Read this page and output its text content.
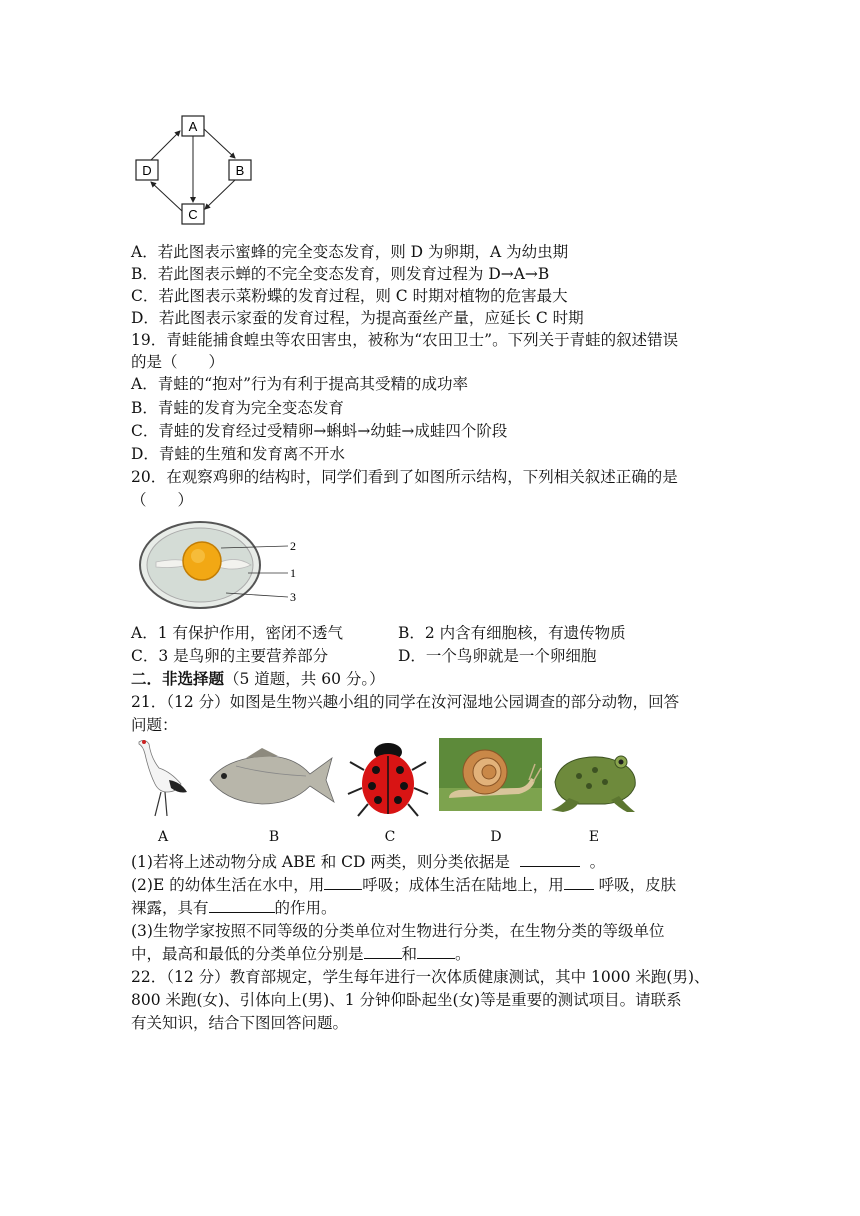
A
B
C
D
A．若此图表示蜜蜂的完全变态发育，则 D 为卵期，A 为幼虫期
B．若此图表示蝉的不完全变态发育，则发育过程为 D→A→B
C．若此图表示菜粉蝶的发育过程，则 C 时期对植物的危害最大
D．若此图表示家蚕的发育过程，为提高蚕丝产量，应延长 C 时期
19．青蛙能捕食蝗虫等农田害虫，被称为“农田卫士”。下列关于青蛙的叙述错误
的是（　　）
A．青蛙的“抱对”行为有利于提高其受精的成功率
B．青蛙的发育为完全变态发育
C．青蛙的发育经过受精卵→蝌蚪→幼蛙→成蛙四个阶段
D．青蛙的生殖和发育离不开水
20．在观察鸡卵的结构时，同学们看到了如图所示结构，下列相关叙述正确的是
（　　）
2
1
3
A．1 有保护作用，密闭不透气	B．2 内含有细胞核，有遗传物质
C．3 是鸟卵的主要营养部分	D．一个鸟卵就是一个卵细胞
二．非选择题（5 道题，共 60 分。）
21．（12 分）如图是生物兴趣小组的同学在汝河湿地公园调查的部分动物，回答
问题：
A	B	C	D	E
(1)若将上述动物分成 ABE 和 CD 两类，则分类依据是	。
(2)E 的幼体生活在水中，用 呼吸；成体生活在陆地上，用 呼吸，皮肤
裸露，具有	的作用。
(3)生物学家按照不同等级的分类单位对生物进行分类，在生物分类的等级单位
中，最高和最低的分类单位分别是 和 。
22．（12 分）教育部规定，学生每年进行一次体质健康测试，其中 1000 米跑(男)、
800 米跑(女)、引体向上(男)、1 分钟仰卧起坐(女)等是重要的测试项目。请联系
有关知识，结合下图回答问题。
